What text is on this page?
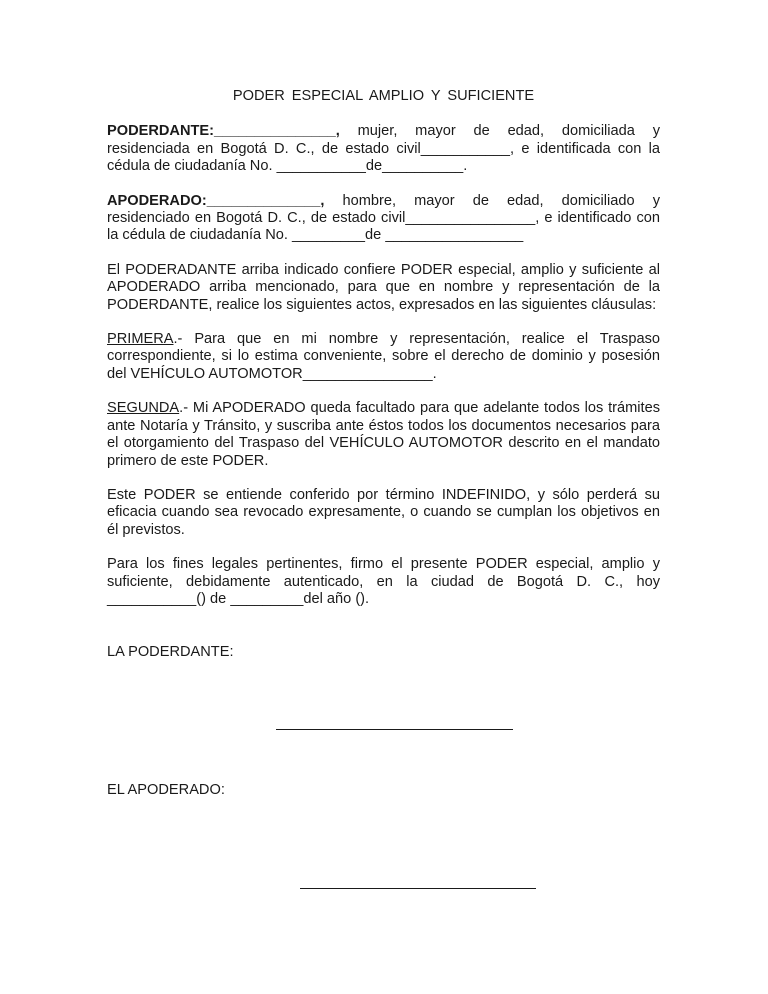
PODER ESPECIAL AMPLIO Y SUFICIENTE

PODERDANTE:_______________, mujer, mayor de edad, domiciliada y residenciada en Bogotá D. C., de estado civil___________, e identificada con la cédula de ciudadanía No. ___________de__________.

APODERADO:______________, hombre, mayor de edad, domiciliado y residenciado en Bogotá D. C., de estado civil________________, e identificado con la cédula de ciudadanía No. _________de _________________

El PODERADANTE arriba indicado confiere PODER especial, amplio y suficiente al APODERADO arriba mencionado, para que en nombre y representación de la PODERDANTE, realice los siguientes actos, expresados en las siguientes cláusulas:

PRIMERA.- Para que en mi nombre y representación, realice el Traspaso correspondiente, si lo estima conveniente, sobre el derecho de dominio y posesión del VEHÍCULO AUTOMOTOR________________.

SEGUNDA.- Mi APODERADO queda facultado para que adelante todos los trámites ante Notaría y Tránsito, y suscriba ante éstos todos los documentos necesarios para el otorgamiento del Traspaso del VEHÍCULO AUTOMOTOR descrito en el mandato primero de este PODER.

Este PODER se entiende conferido por término INDEFINIDO, y sólo perderá su eficacia cuando sea revocado expresamente, o cuando se cumplan los objetivos en él previstos.

Para los fines legales pertinentes, firmo el presente PODER especial, amplio y suficiente, debidamente autenticado, en la ciudad de Bogotá D. C., hoy ___________() de _________del año ().

LA PODERDANTE:
EL APODERADO:
